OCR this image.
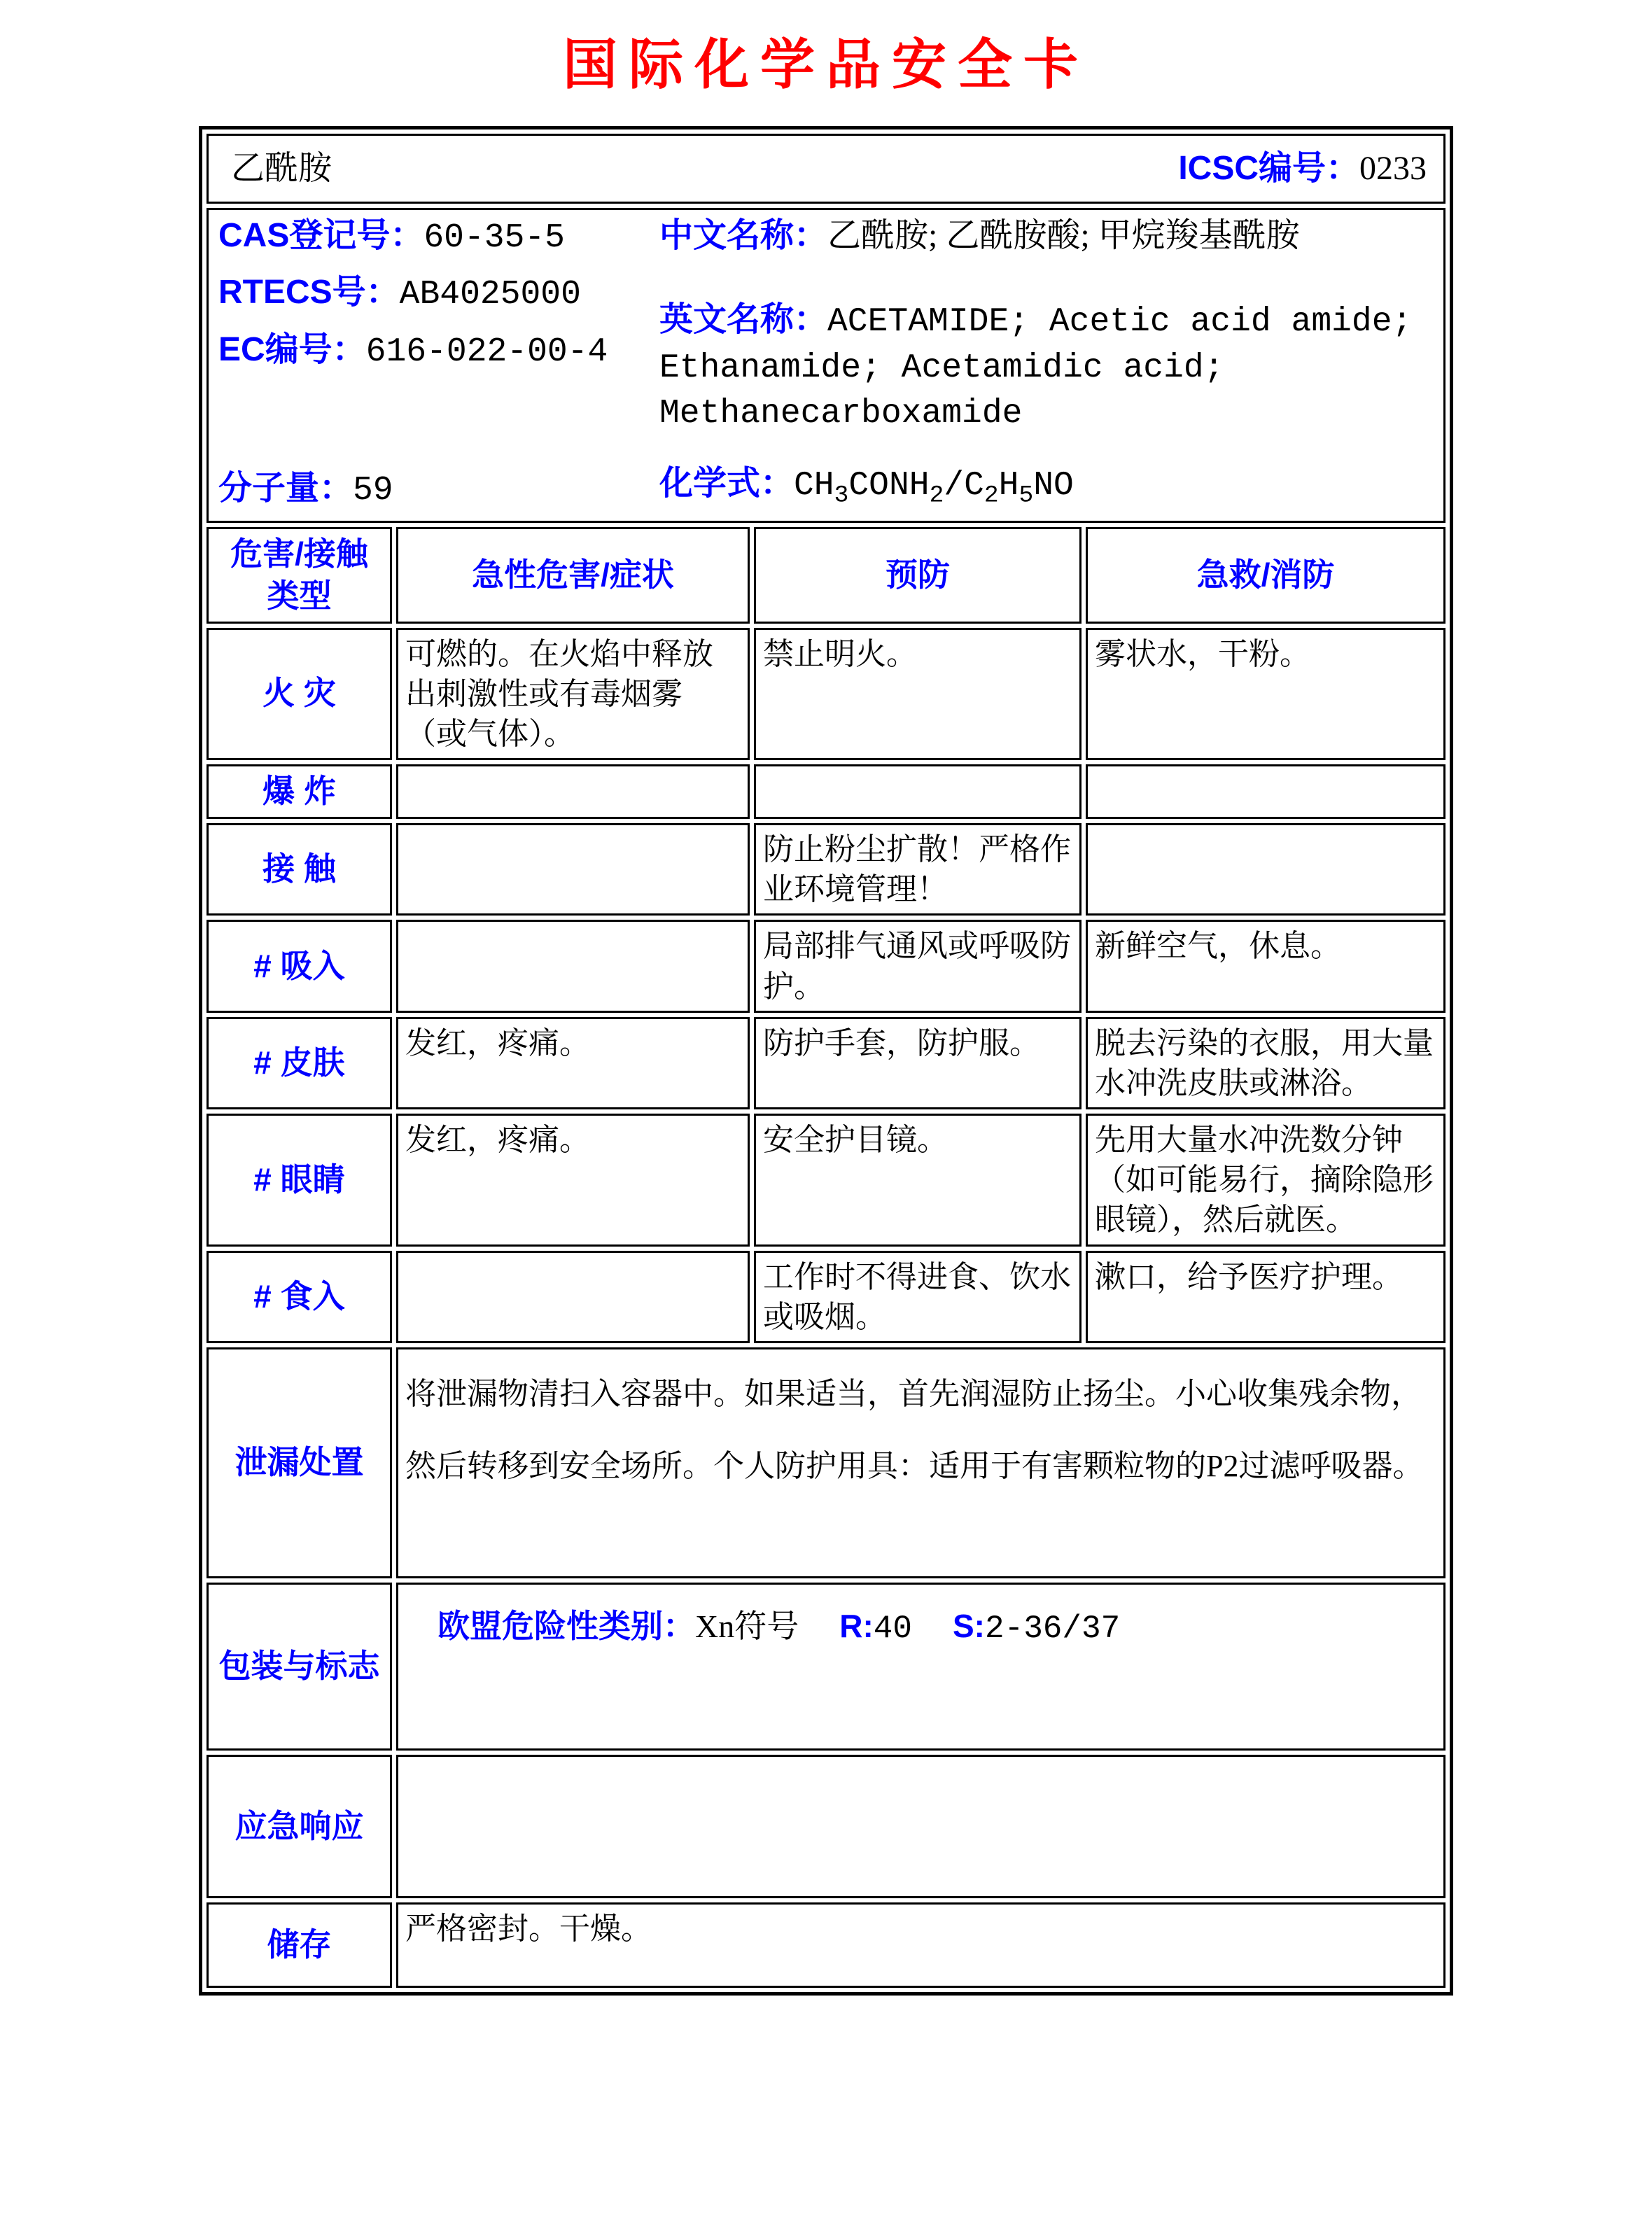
国际化学品安全卡
乙酰胺 ICSC编号：0233			

CAS登记号：60-35-5
RTECS号：AB4025000
EC编号：616-022-00-4
分子量：59
中文名称：乙酰胺; 乙酰胺酸; 甲烷羧基酰胺
英文名称：ACETAMIDE; Acetic acid amide; Ethanamide; Acetamidic acid; Methanecarboxamide
化学式：$CH_3CONH_2/C_2H_5NO$

危害/接触类型	急性危害/症状	预防	急救/消防
火 灾	可燃的。在火焰中释放出刺激性或有毒烟雾（或气体）。	禁止明火。	雾状水，干粉。
爆 炸			
接 触		防止粉尘扩散！严格作业环境管理！	
# 吸入		局部排气通风或呼吸防护。	新鲜空气，休息。
# 皮肤	发红，疼痛。	防护手套，防护服。	脱去污染的衣服，用大量水冲洗皮肤或淋浴。
# 眼睛	发红，疼痛。	安全护目镜。	先用大量水冲洗数分钟（如可能易行，摘除隐形眼镜），然后就医。
# 食入		工作时不得进食、饮水或吸烟。	漱口，给予医疗护理。
泄漏处置	将泄漏物清扫入容器中。如果适当，首先润湿防止扬尘。小心收集残余物，然后转移到安全场所。个人防护用具：适用于有害颗粒物的P2过滤呼吸器。		

包装与标志	欧盟危险性类别：Xn符号 R:40 S:2-36/37		

应急响应			

储存	严格密封。干燥。		
